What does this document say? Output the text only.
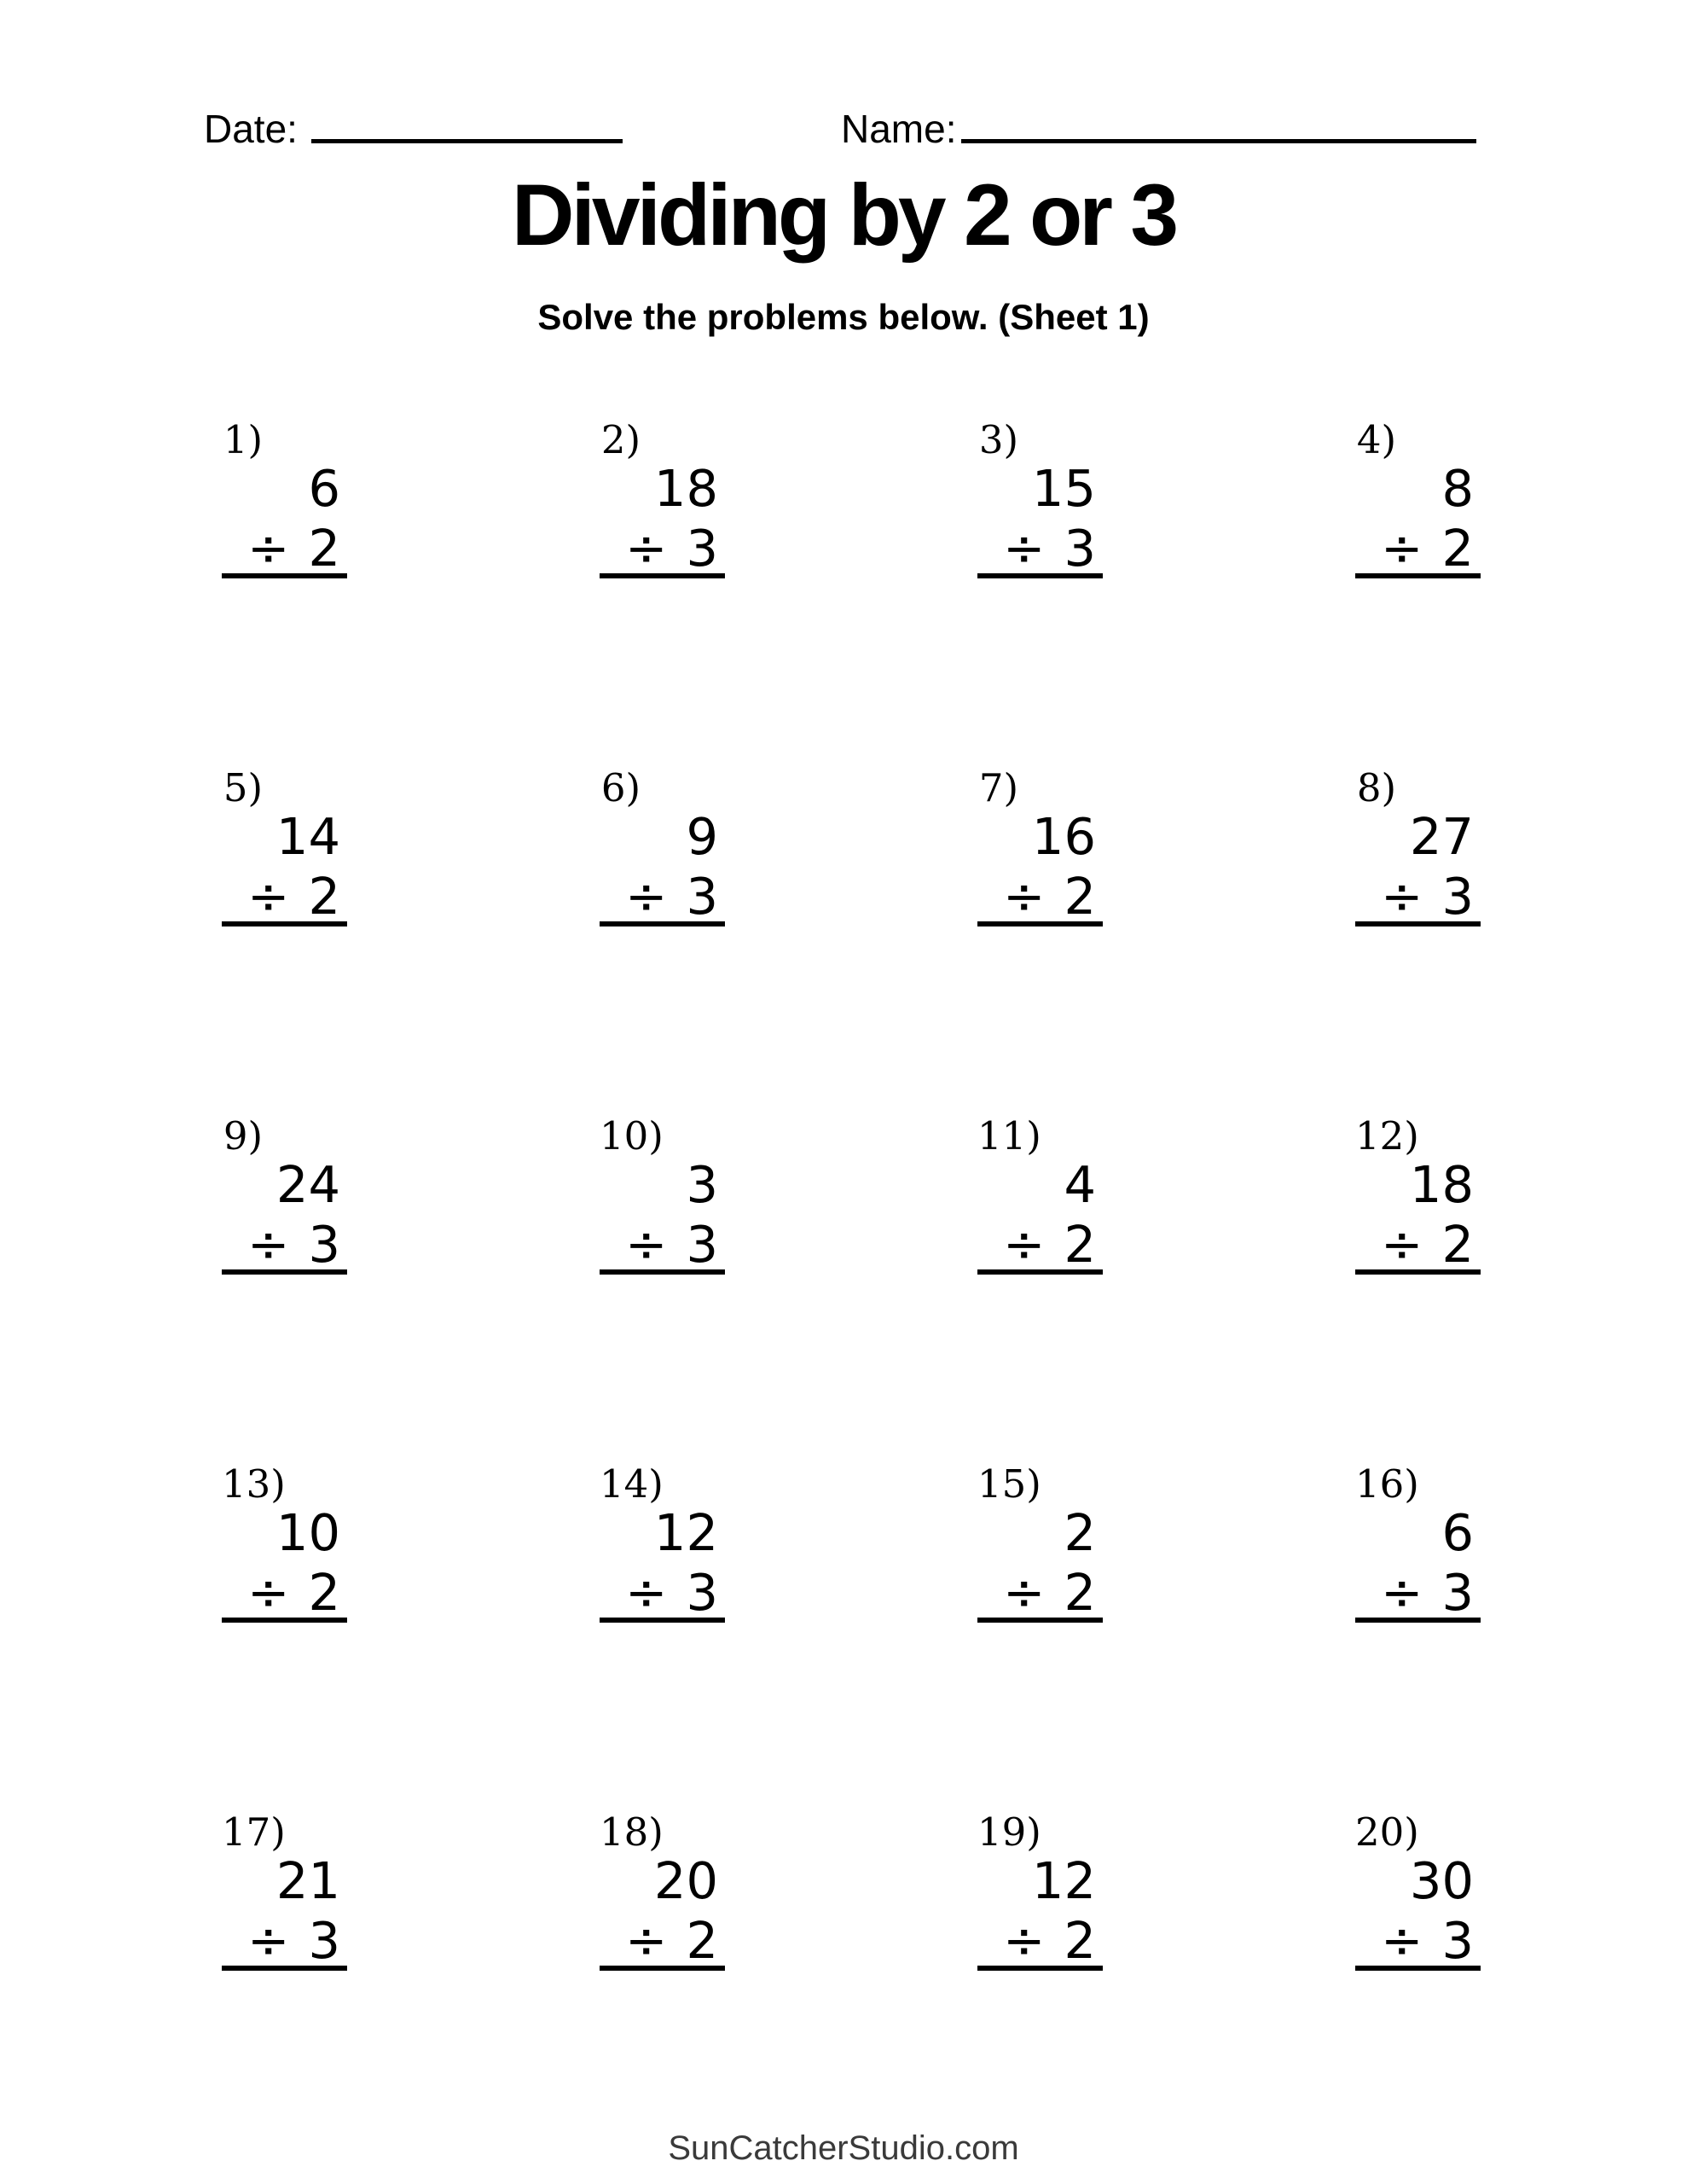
Date:	Name:
Dividing by 2 or 3
Solve the problems below. (Sheet 1)
1)
6
÷ 2
2)
18
÷ 3
3)
15
÷ 3
4)
8
÷ 2
5)
14
÷ 2
6)
9
÷ 3
7)
16
÷ 2
8)
27
÷ 3
9)
24
÷ 3
10)
3
÷ 3
11)
4
÷ 2
12)
18
÷ 2
13)
10
÷ 2
14)
12
÷ 3
15)
2
÷ 2
16)
6
÷ 3
17)
21
÷ 3
18)
20
÷ 2
19)
12
÷ 2
20)
30
÷ 3
SunCatcherStudio.com
